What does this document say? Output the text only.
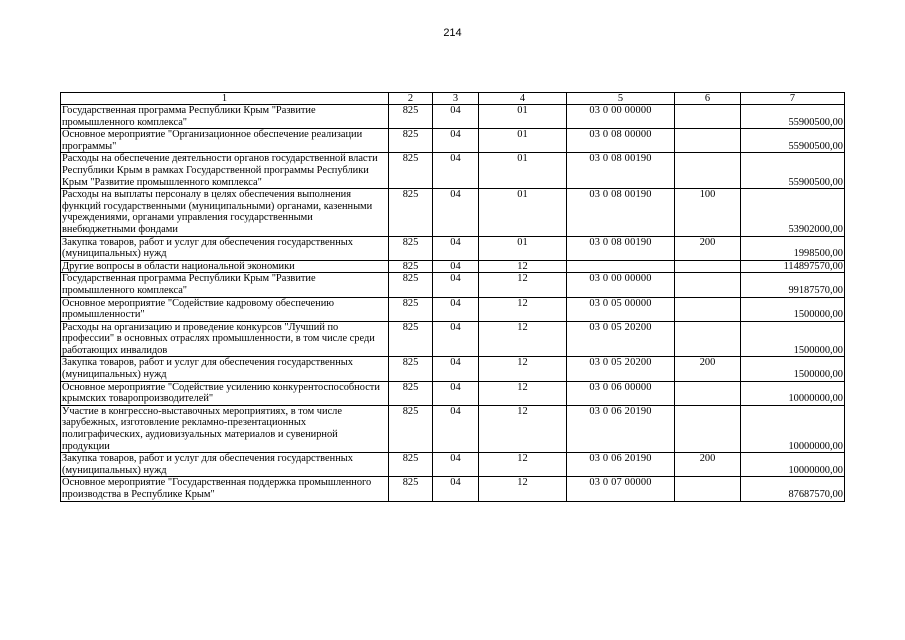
214
1	2	3	4	5	6	7
Государственная программа Республики Крым "Развитие промышленного комплекса"	825	04	01	03 0 00 00000		55900500,00
Основное мероприятие "Организационное обеспечение реализации программы"	825	04	01	03 0 08 00000		55900500,00
Расходы на обеспечение деятельности органов государственной власти Республики Крым в рамках Государственной программы Республики Крым "Развитие промышленного комплекса"	825	04	01	03 0 08 00190		55900500,00
Расходы на выплаты персоналу в целях обеспечения выполнения функций государственными (муниципальными) органами, казенными учреждениями, органами управления государственными внебюджетными фондами	825	04	01	03 0 08 00190	100	53902000,00
Закупка товаров, работ и услуг для обеспечения государственных (муниципальных) нужд	825	04	01	03 0 08 00190	200	1998500,00
Другие вопросы в области национальной экономики	825	04	12			114897570,00
Государственная программа Республики Крым "Развитие промышленного комплекса"	825	04	12	03 0 00 00000		99187570,00
Основное мероприятие "Содействие кадровому обеспечению промышленности"	825	04	12	03 0 05 00000		1500000,00
Расходы на организацию и проведение конкурсов "Лучший по профессии" в основных отраслях промышленности, в том числе среди работающих инвалидов	825	04	12	03 0 05 20200		1500000,00
Закупка товаров, работ и услуг для обеспечения государственных (муниципальных) нужд	825	04	12	03 0 05 20200	200	1500000,00
Основное мероприятие "Содействие усилению конкурентоспособности крымских товаропроизводителей"	825	04	12	03 0 06 00000		10000000,00
Участие в конгрессно-выставочных мероприятиях, в том числе зарубежных, изготовление рекламно-презентационных полиграфических, аудиовизуальных материалов и сувенирной продукции	825	04	12	03 0 06 20190		10000000,00
Закупка товаров, работ и услуг для обеспечения государственных (муниципальных) нужд	825	04	12	03 0 06 20190	200	10000000,00
Основное мероприятие "Государственная поддержка промышленного производства в Республике Крым"	825	04	12	03 0 07 00000		87687570,00
